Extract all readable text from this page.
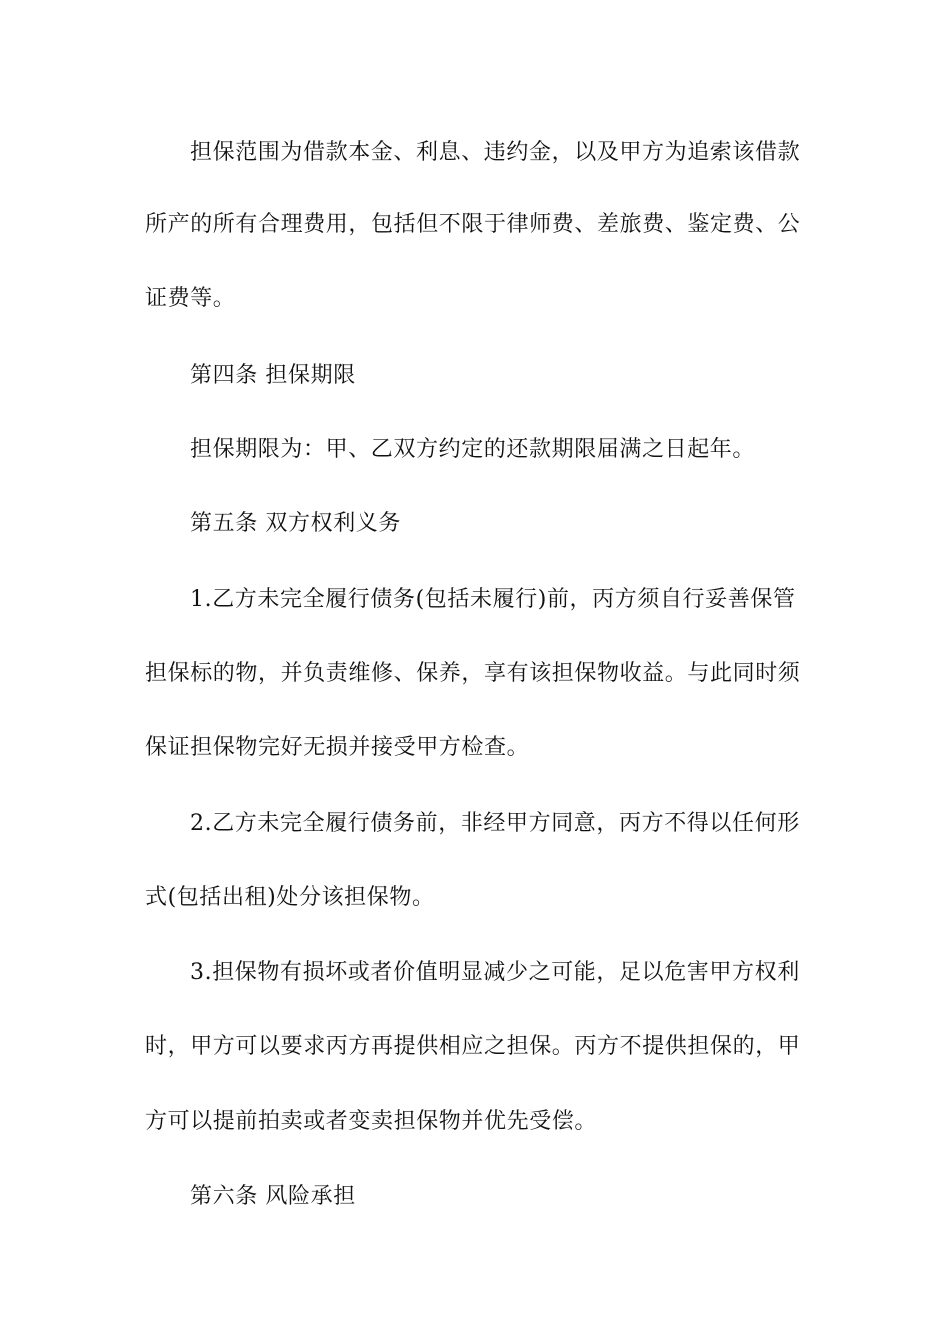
担保范围为借款本金、利息、违约金，以及甲方为追索该借款
所产的所有合理费用，包括但不限于律师费、差旅费、鉴定费、公
证费等。
第四条 担保期限
担保期限为：甲、乙双方约定的还款期限届满之日起年。
第五条 双方权利义务
1.乙方未完全履行债务(包括未履行)前，丙方须自行妥善保管
担保标的物，并负责维修、保养，享有该担保物收益。与此同时须
保证担保物完好无损并接受甲方检查。
2.乙方未完全履行债务前，非经甲方同意，丙方不得以任何形
式(包括出租)处分该担保物。
3.担保物有损坏或者价值明显减少之可能，足以危害甲方权利
时，甲方可以要求丙方再提供相应之担保。丙方不提供担保的，甲
方可以提前拍卖或者变卖担保物并优先受偿。
第六条 风险承担
